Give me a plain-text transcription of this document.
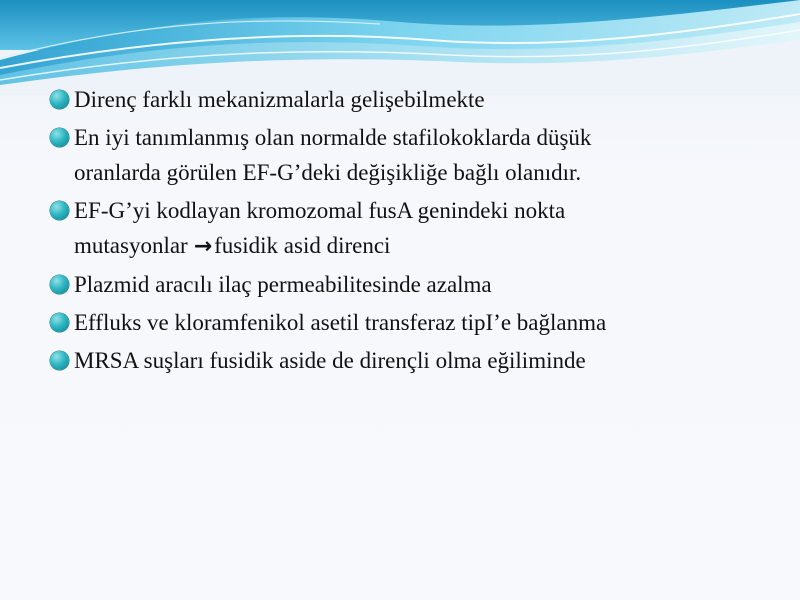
Direnç farklı mekanizmalarla gelişebilmekte
En iyi tanımlanmış olan normalde stafilokoklarda düşük
oranlarda görülen EF-G’deki değişikliğe bağlı olanıdır.
EF-G’yi kodlayan kromozomal fusA genindeki nokta
mutasyonlar →fusidik asid direnci
Plazmid aracılı ilaç permeabilitesinde azalma
Effluks ve kloramfenikol asetil transferaz tipI’e bağlanma
MRSA suşları fusidik aside de dirençli olma eğiliminde
